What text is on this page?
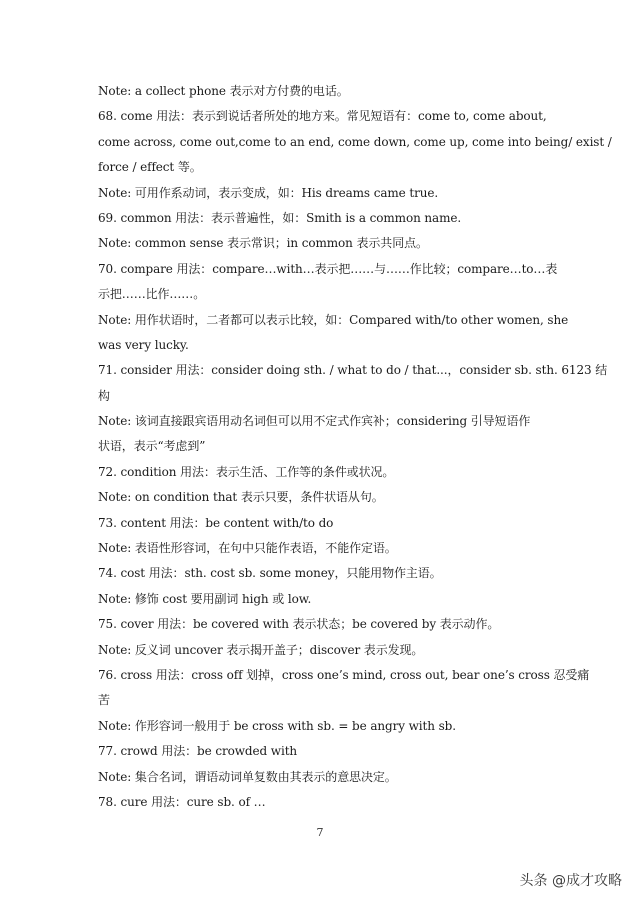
Note: a collect phone 表示对方付费的电话。
68. come 用法：表示到说话者所处的地方来。常见短语有：come to, come about,
come across, come out,come to an end, come down, come up, come into being/ exist /
force / effect 等。
Note: 可用作系动词，表示变成，如：His dreams came true.
69. common 用法：表示普遍性，如：Smith is a common name.
Note: common sense 表示常识；in common 表示共同点。
70. compare 用法：compare…with…表示把……与……作比较；compare…to…表
示把……比作……。
Note: 用作状语时，二者都可以表示比较，如：Compared with/to other women, she
was very lucky.
71. consider 用法：consider doing sth. / what to do / that...，consider sb. sth. 6123 结
构
Note: 该词直接跟宾语用动名词但可以用不定式作宾补；considering 引导短语作
状语，表示“考虑到”
72. condition 用法：表示生活、工作等的条件或状况。
Note: on condition that 表示只要，条件状语从句。
73. content 用法：be content with/to do
Note: 表语性形容词，在句中只能作表语，不能作定语。
74. cost 用法：sth. cost sb. some money，只能用物作主语。
Note: 修饰 cost 要用副词 high 或 low.
75. cover 用法：be covered with 表示状态；be covered by 表示动作。
Note: 反义词 uncover 表示揭开盖子；discover 表示发现。
76. cross 用法：cross off 划掉，cross one’s mind, cross out, bear one’s cross 忍受痛
苦
Note: 作形容词一般用于 be cross with sb. = be angry with sb.
77. crowd 用法：be crowded with
Note: 集合名词，谓语动词单复数由其表示的意思决定。
78. cure 用法：cure sb. of …
7
头条 @成才攻略
